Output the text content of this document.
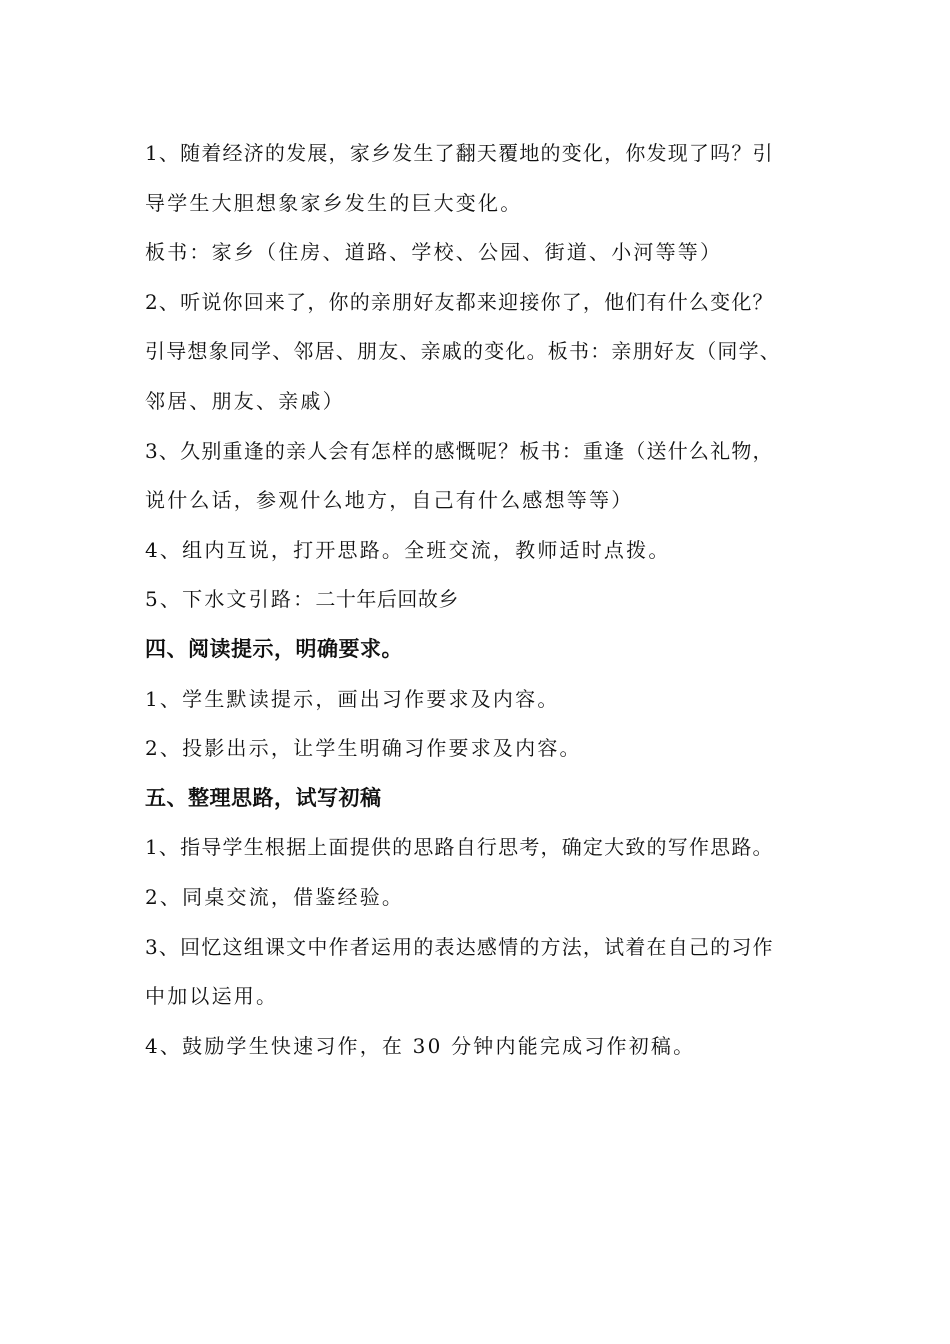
1、随着经济的发展，家乡发生了翻天覆地的变化，你发现了吗？引
导学生大胆想象家乡发生的巨大变化。
板书：家乡（住房、道路、学校、公园、街道、小河等等）
2、听说你回来了，你的亲朋好友都来迎接你了，他们有什么变化？
引导想象同学、邻居、朋友、亲戚的变化。板书：亲朋好友（同学、
邻居、朋友、亲戚）
3、久别重逢的亲人会有怎样的感慨呢？板书：重逢（送什么礼物，
说什么话，参观什么地方，自己有什么感想等等）
4、组内互说，打开思路。全班交流，教师适时点拨。
5、下水文引路：二十年后回故乡
四、阅读提示，明确要求。
1、学生默读提示，画出习作要求及内容。
2、投影出示，让学生明确习作要求及内容。
五、整理思路，试写初稿
1、指导学生根据上面提供的思路自行思考，确定大致的写作思路。
2、同桌交流，借鉴经验。
3、回忆这组课文中作者运用的表达感情的方法，试着在自己的习作
中加以运用。
4、鼓励学生快速习作，在 30 分钟内能完成习作初稿。
